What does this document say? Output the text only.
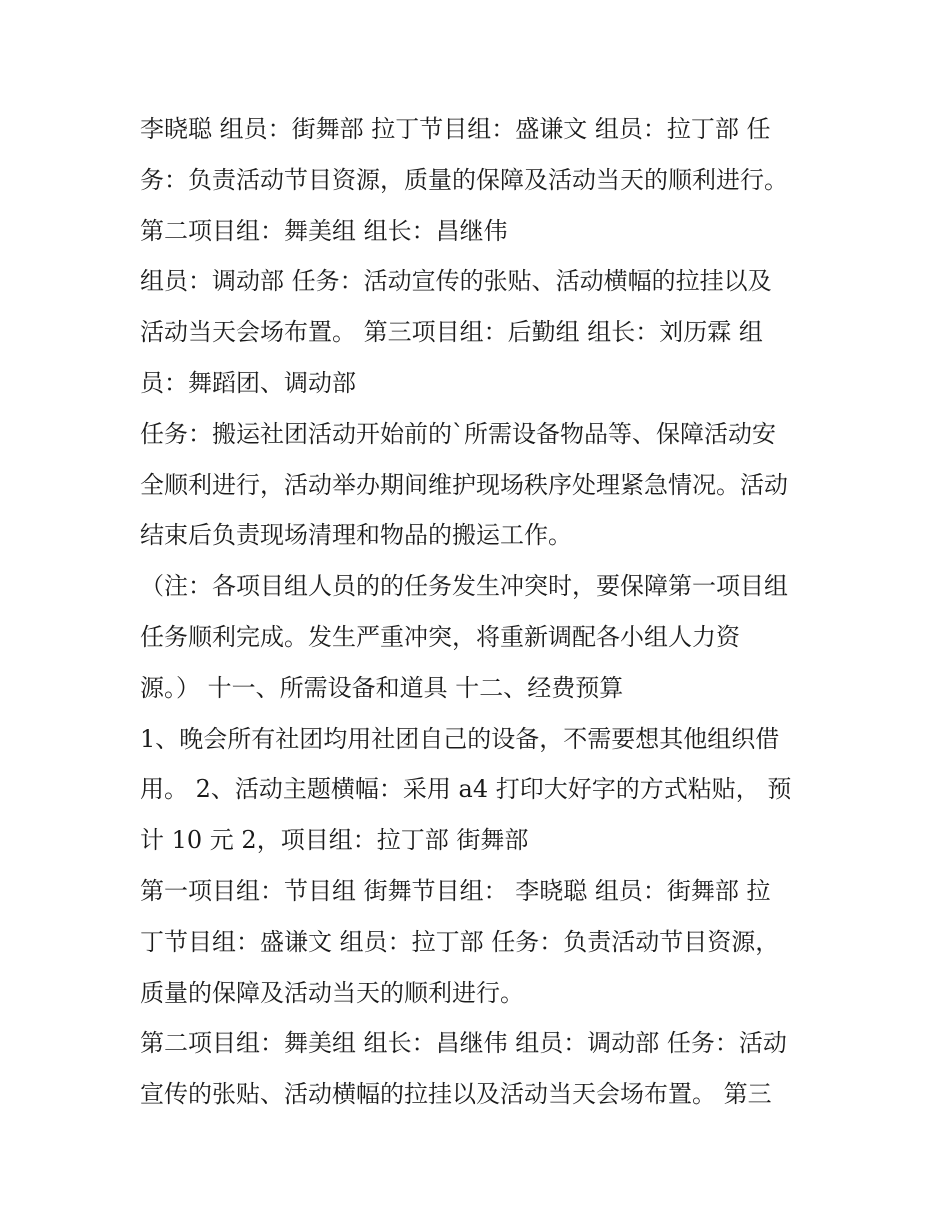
李晓聪 组员：街舞部 拉丁节目组：盛谦文 组员：拉丁部 任
务：负责活动节目资源，质量的保障及活动当天的顺利进行。
第二项目组：舞美组 组长：昌继伟
组员：调动部 任务：活动宣传的张贴、活动横幅的拉挂以及
活动当天会场布置。 第三项目组：后勤组 组长：刘历霖 组
员：舞蹈团、调动部
任务：搬运社团活动开始前的`所需设备物品等、保障活动安
全顺利进行，活动举办期间维护现场秩序处理紧急情况。活动
结束后负责现场清理和物品的搬运工作。
（注：各项目组人员的的任务发生冲突时，要保障第一项目组
任务顺利完成。发生严重冲突，将重新调配各小组人力资
源。） 十一、所需设备和道具 十二、经费预算
1、晚会所有社团均用社团自己的设备，不需要想其他组织借
用。 2、活动主题横幅：采用 a4 打印大好字的方式粘贴， 预
计 10 元 2，项目组：拉丁部 街舞部
第一项目组：节目组 街舞节目组： 李晓聪 组员：街舞部 拉
丁节目组：盛谦文 组员：拉丁部 任务：负责活动节目资源，
质量的保障及活动当天的顺利进行。
第二项目组：舞美组 组长：昌继伟 组员：调动部 任务：活动
宣传的张贴、活动横幅的拉挂以及活动当天会场布置。 第三
